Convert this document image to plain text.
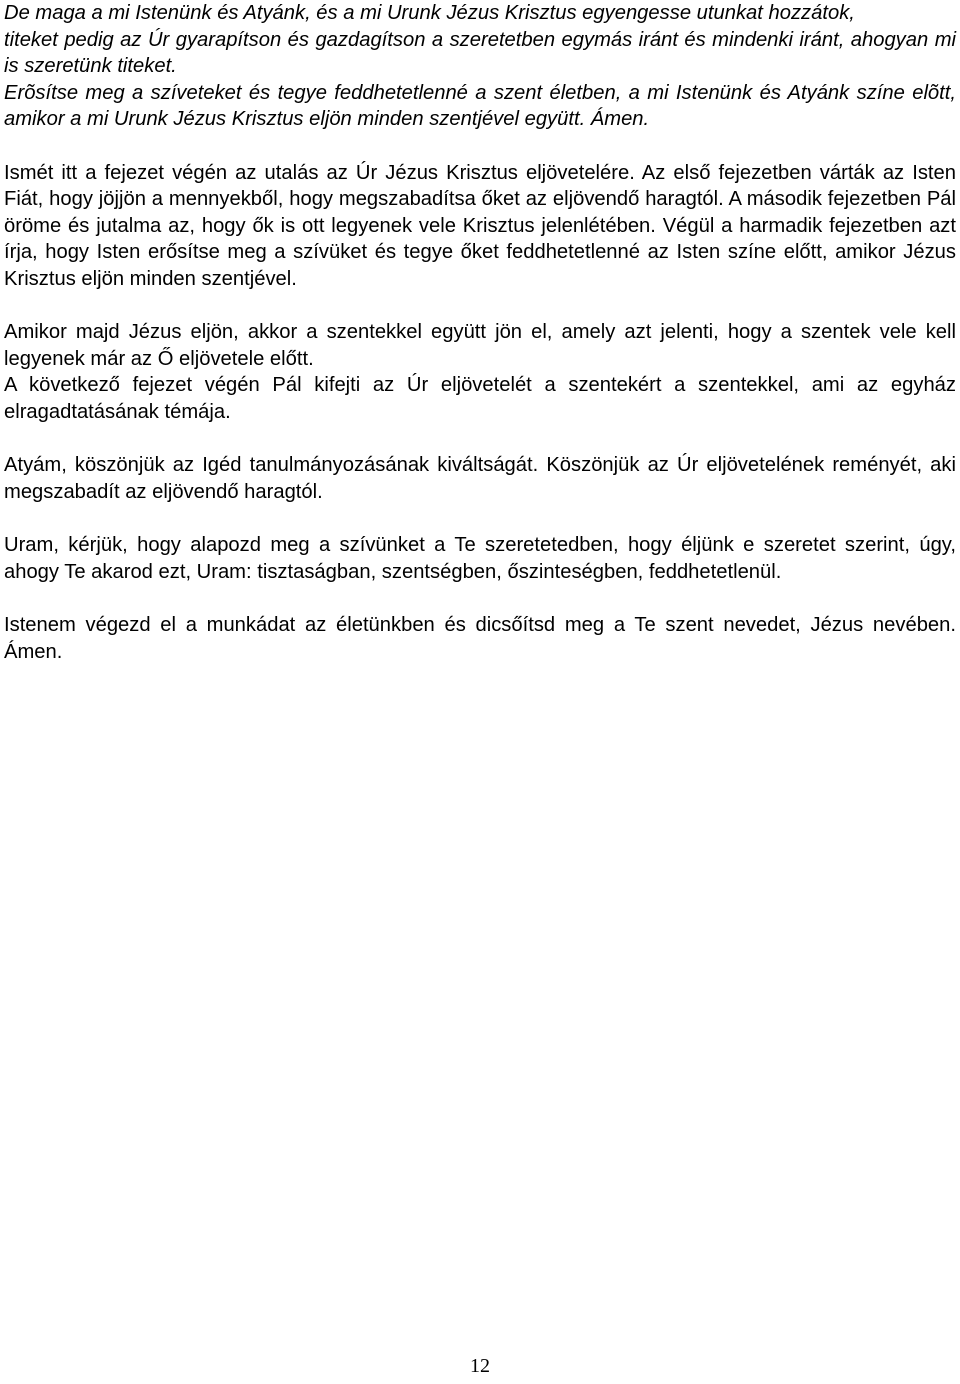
De maga a mi Istenünk és Atyánk, és a mi Urunk Jézus Krisztus egyengesse utunkat hozzátok,

titeket pedig az Úr gyarapítson és gazdagítson a szeretetben egymás iránt és mindenki iránt, ahogyan mi is szeretünk titeket.

Erõsítse meg a szíveteket és tegye feddhetetlenné a szent életben, a mi Istenünk és Atyánk színe elõtt, amikor a mi Urunk Jézus Krisztus eljön minden szentjével együtt. Ámen.

Ismét itt a fejezet végén az utalás az Úr Jézus Krisztus eljövetelére. Az első fejezetben várták az Isten Fiát, hogy jöjjön a mennyekből, hogy megszabadítsa őket az eljövendő haragtól. A második fejezetben Pál öröme és jutalma az, hogy ők is ott legyenek vele Krisztus jelenlétében. Végül a harmadik fejezetben azt írja, hogy Isten erősítse meg a szívüket és tegye őket feddhetetlenné az Isten színe előtt, amikor Jézus Krisztus eljön minden szentjével.

Amikor majd Jézus eljön, akkor a szentekkel együtt jön el, amely azt jelenti, hogy a szentek vele kell legyenek már az Ő eljövetele előtt.

A következő fejezet végén Pál kifejti az Úr eljövetelét a szentekért a szentekkel, ami az egyház elragadtatásának témája.

Atyám, köszönjük az Igéd tanulmányozásának kiváltságát. Köszönjük az Úr eljövetelének reményét, aki megszabadít az eljövendő haragtól.

Uram, kérjük, hogy alapozd meg a szívünket a Te szeretetedben, hogy éljünk e szeretet szerint, úgy, ahogy Te akarod ezt, Uram: tisztaságban, szentségben, őszinteségben, feddhetetlenül.

Istenem végezd el a munkádat az életünkben és dicsőítsd meg a Te szent nevedet, Jézus nevében. Ámen.

12
